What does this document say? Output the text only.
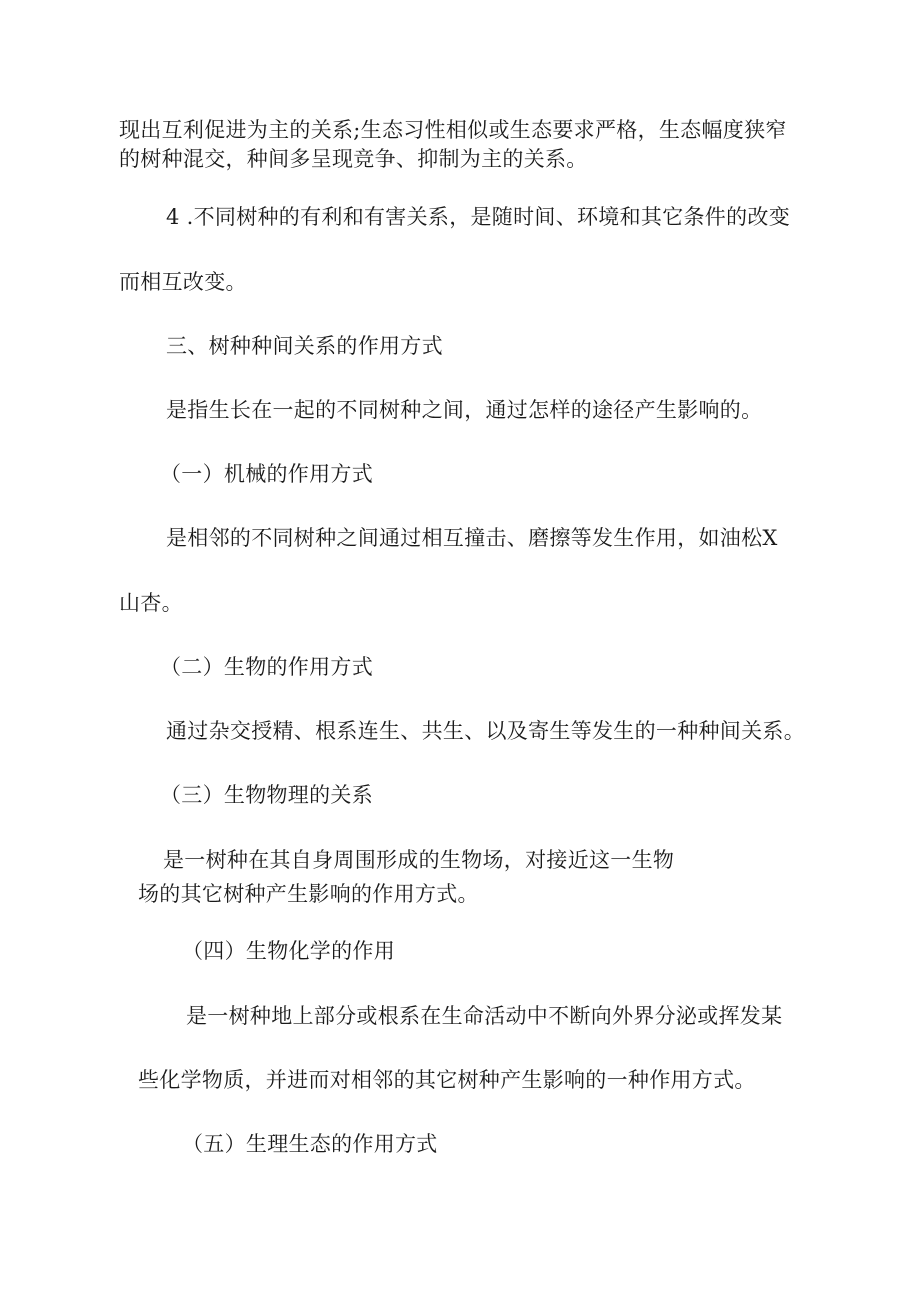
现出互利促进为主的关系;生态习性相似或生态要求严格，生态幅度狭窄
的树种混交，种间多呈现竞争、抑制为主的关系。
4 .不同树种的有利和有害关系，是随时间、环境和其它条件的改变
而相互改变。
三、树种种间关系的作用方式
是指生长在一起的不同树种之间，通过怎样的途径产生影响的。
（一）机械的作用方式
是相邻的不同树种之间通过相互撞击、磨擦等发生作用，如油松X
山杏。
（二）生物的作用方式
通过杂交授精、根系连生、共生、以及寄生等发生的一种种间关系。
（三）生物物理的关系
是一树种在其自身周围形成的生物场，对接近这一生物
场的其它树种产生影响的作用方式。
（四）生物化学的作用
是一树种地上部分或根系在生命活动中不断向外界分泌或挥发某
些化学物质，并进而对相邻的其它树种产生影响的一种作用方式。
（五）生理生态的作用方式
